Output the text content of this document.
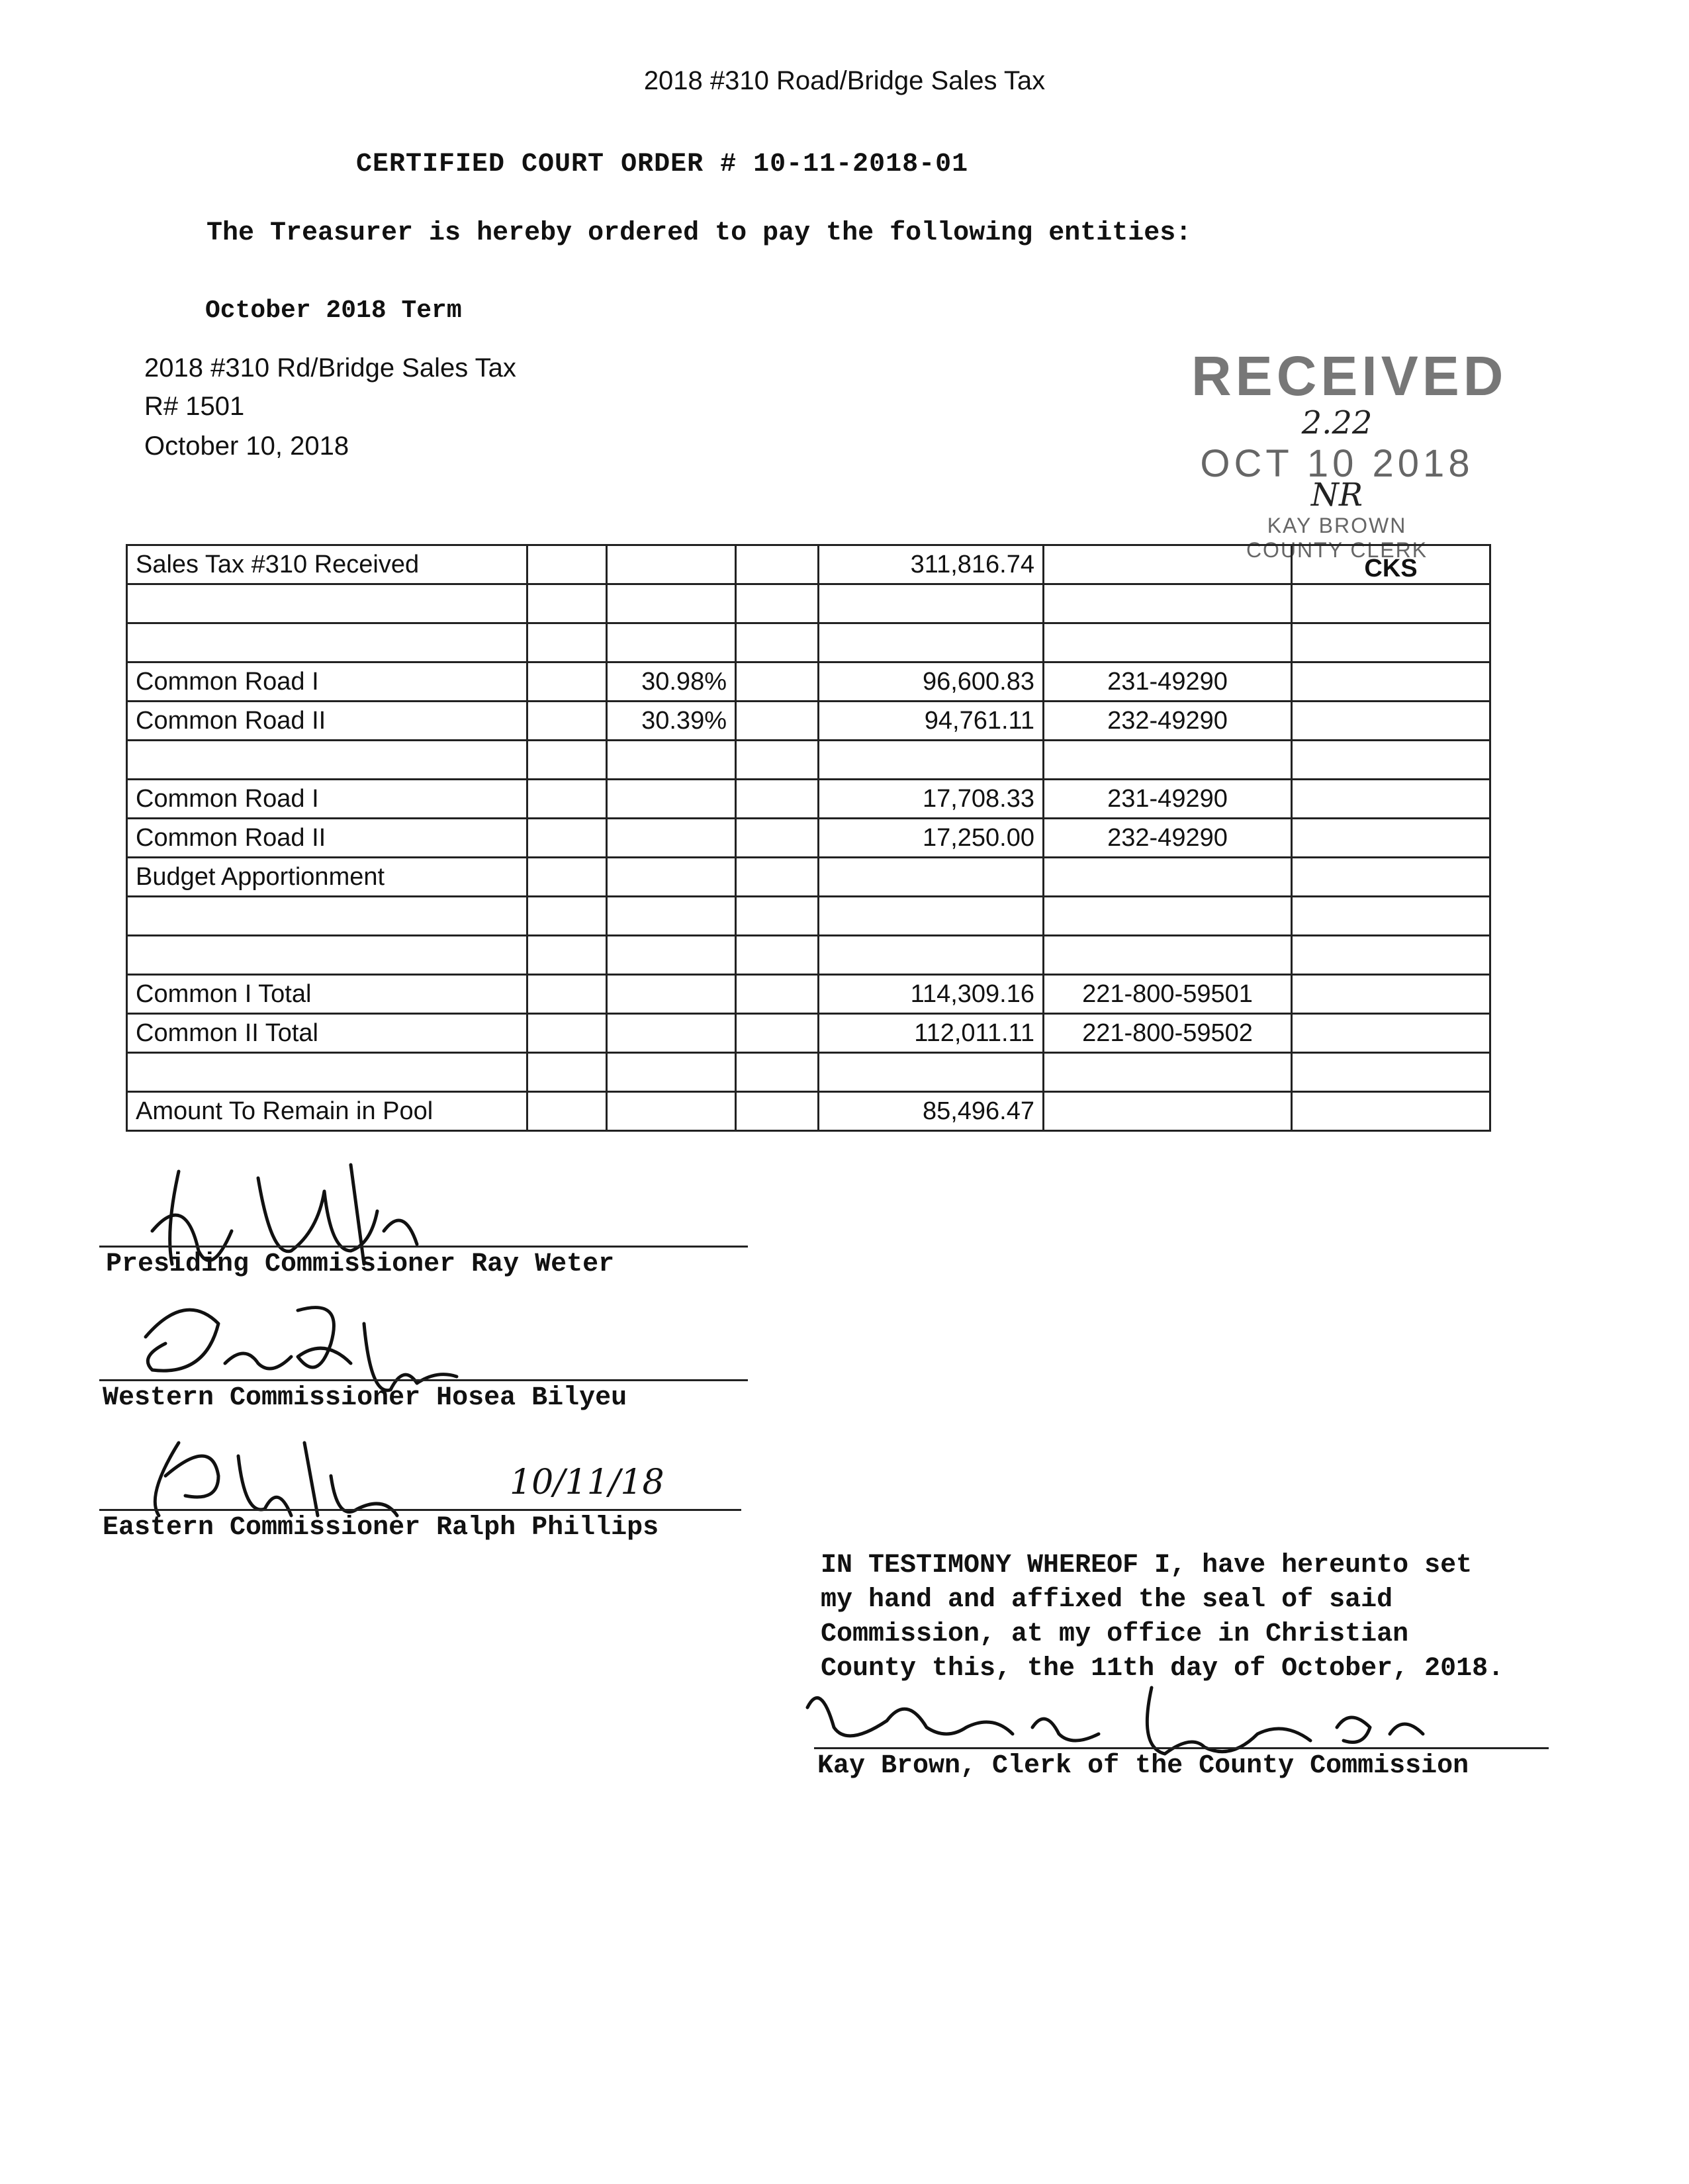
2018 #310 Road/Bridge Sales Tax
CERTIFIED COURT ORDER # 10-11-2018-01
The Treasurer is hereby ordered to pay the following entities:
October 2018 Term
2018 #310 Rd/Bridge Sales Tax
R# 1501
October 10, 2018
RECEIVED
2.22
OCT 10 2018
NR
KAY BROWN
COUNTY CLERK
Sales Tax #310 Received				311,816.74		CKS

Common Road I		30.98%		96,600.83	231-49290	
Common Road II		30.39%		94,761.11	232-49290	

Common Road I				17,708.33	231-49290	
Common Road II				17,250.00	232-49290	
Budget Apportionment						

Common I Total				114,309.16	221-800-59501	
Common II Total				112,011.11	221-800-59502	

Amount To Remain in Pool				85,496.47		
Presiding Commissioner Ray Weter
Western Commissioner Hosea Bilyeu
10/11/18
Eastern Commissioner Ralph Phillips
IN TESTIMONY WHEREOF I, have hereunto set
my hand and affixed the seal of said
Commission, at my office in Christian
County this, the 11th day of October, 2018.
Kay Brown, Clerk of the County Commission
